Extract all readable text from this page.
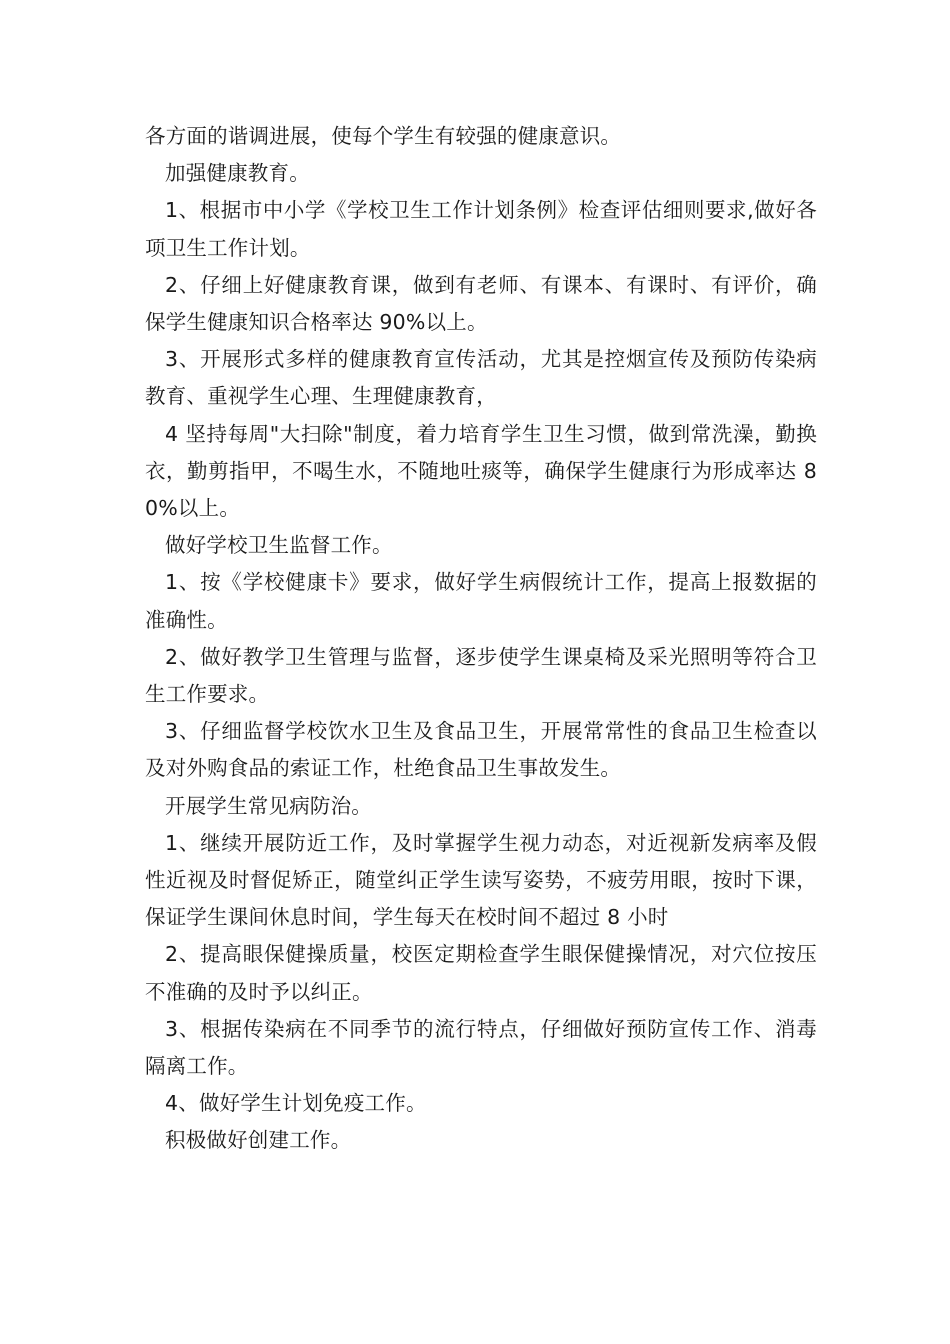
各方面的谐调进展，使每个学生有较强的健康意识。

加强健康教育。

1、根据市中小学《学校卫生工作计划条例》检查评估细则要求,做好各项卫生工作计划。

2、仔细上好健康教育课，做到有老师、有课本、有课时、有评价，确保学生健康知识合格率达 90%以上。

3、开展形式多样的健康教育宣传活动，尤其是控烟宣传及预防传染病教育、重视学生心理、生理健康教育，

4 坚持每周"大扫除"制度，着力培育学生卫生习惯，做到常洗澡，勤换衣，勤剪指甲，不喝生水，不随地吐痰等，确保学生健康行为形成率达 80%以上。

做好学校卫生监督工作。

1、按《学校健康卡》要求，做好学生病假统计工作，提高上报数据的准确性。

2、做好教学卫生管理与监督，逐步使学生课桌椅及采光照明等符合卫生工作要求。

3、仔细监督学校饮水卫生及食品卫生，开展常常性的食品卫生检查以及对外购食品的索证工作，杜绝食品卫生事故发生。

开展学生常见病防治。

1、继续开展防近工作，及时掌握学生视力动态，对近视新发病率及假性近视及时督促矫正，随堂纠正学生读写姿势，不疲劳用眼，按时下课，保证学生课间休息时间，学生每天在校时间不超过 8 小时

2、提高眼保健操质量，校医定期检查学生眼保健操情况，对穴位按压不准确的及时予以纠正。

3、根据传染病在不同季节的流行特点，仔细做好预防宣传工作、消毒隔离工作。

4、做好学生计划免疫工作。

积极做好创建工作。
